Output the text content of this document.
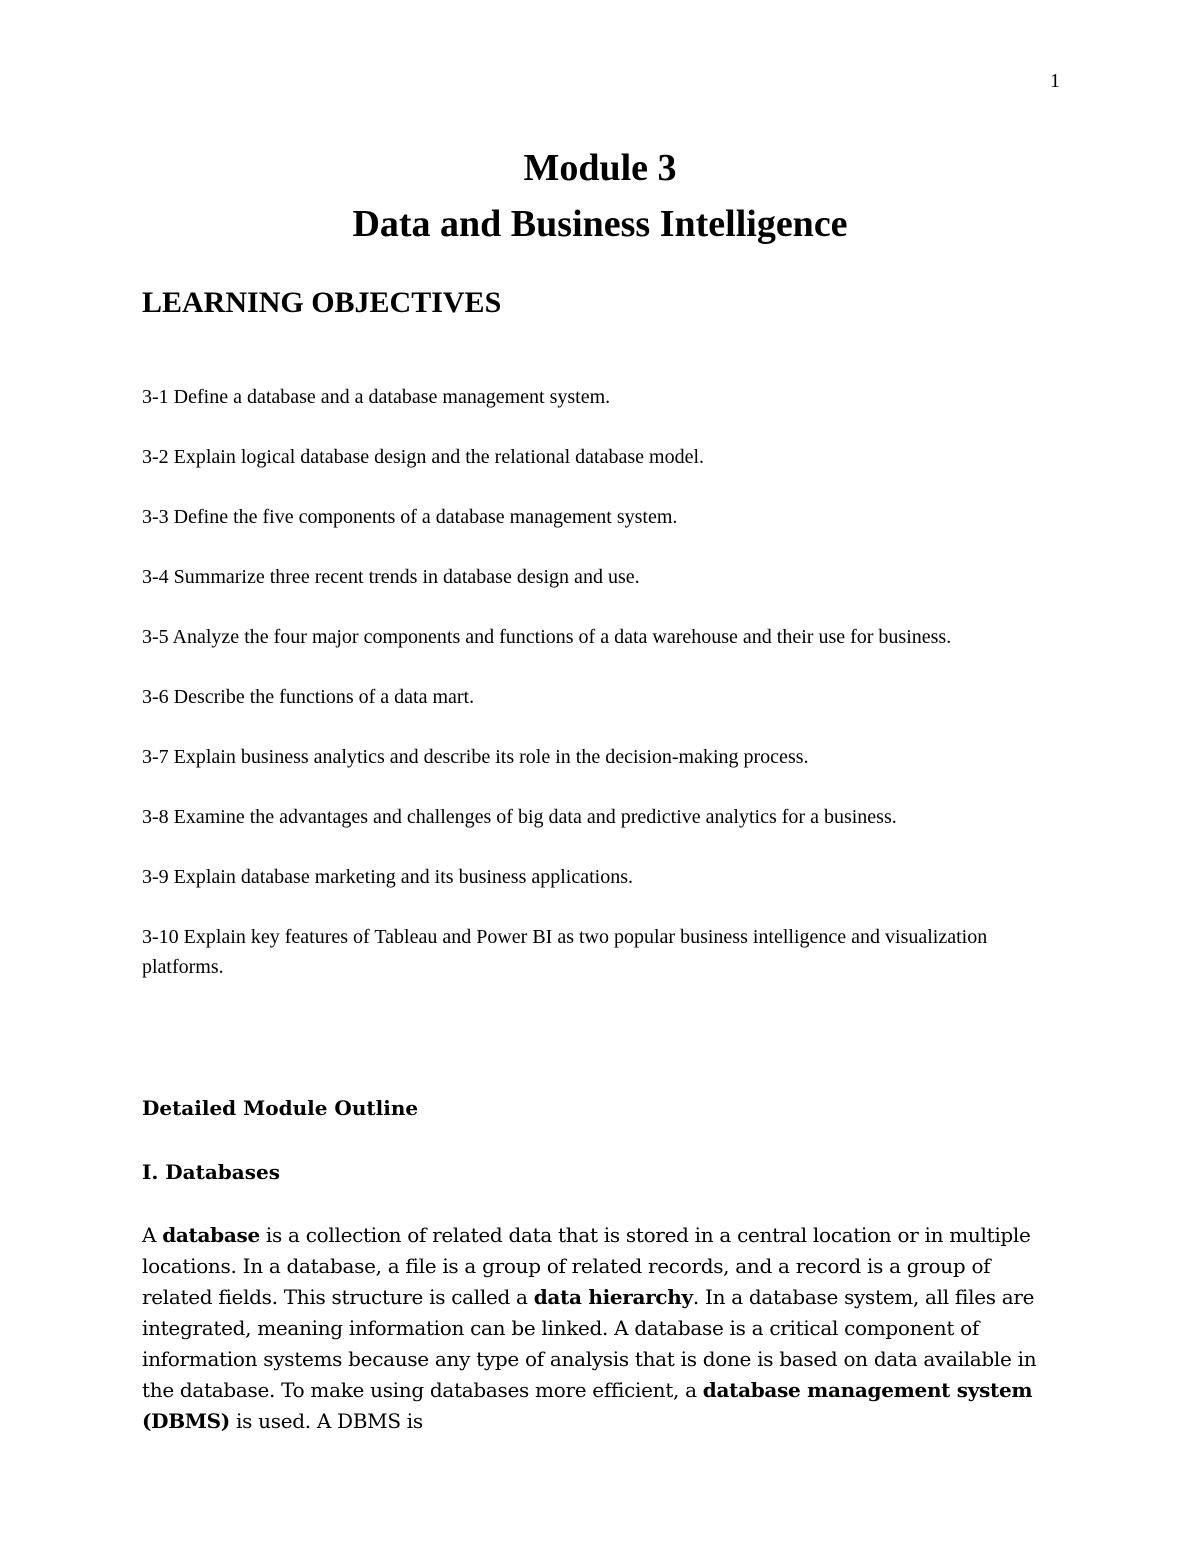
1
Module 3
Data and Business Intelligence
LEARNING OBJECTIVES
3-1 Define a database and a database management system.
3-2 Explain logical database design and the relational database model.
3-3 Define the five components of a database management system.
3-4 Summarize three recent trends in database design and use.
3-5 Analyze the four major components and functions of a data warehouse and their use for business.
3-6 Describe the functions of a data mart.
3-7 Explain business analytics and describe its role in the decision-making process.
3-8 Examine the advantages and challenges of big data and predictive analytics for a business.
3-9 Explain database marketing and its business applications.
3-10 Explain key features of Tableau and Power BI as two popular business intelligence and visualization platforms.
Detailed Module Outline
I. Databases

A database is a collection of related data that is stored in a central location or in multiple locations. In a database, a file is a group of related records, and a record is a group of related fields. This structure is called a data hierarchy. In a database system, all files are integrated, meaning information can be linked. A database is a critical component of information systems because any type of analysis that is done is based on data available in the database. To make using databases more efficient, a database management system (DBMS) is used. A DBMS is
